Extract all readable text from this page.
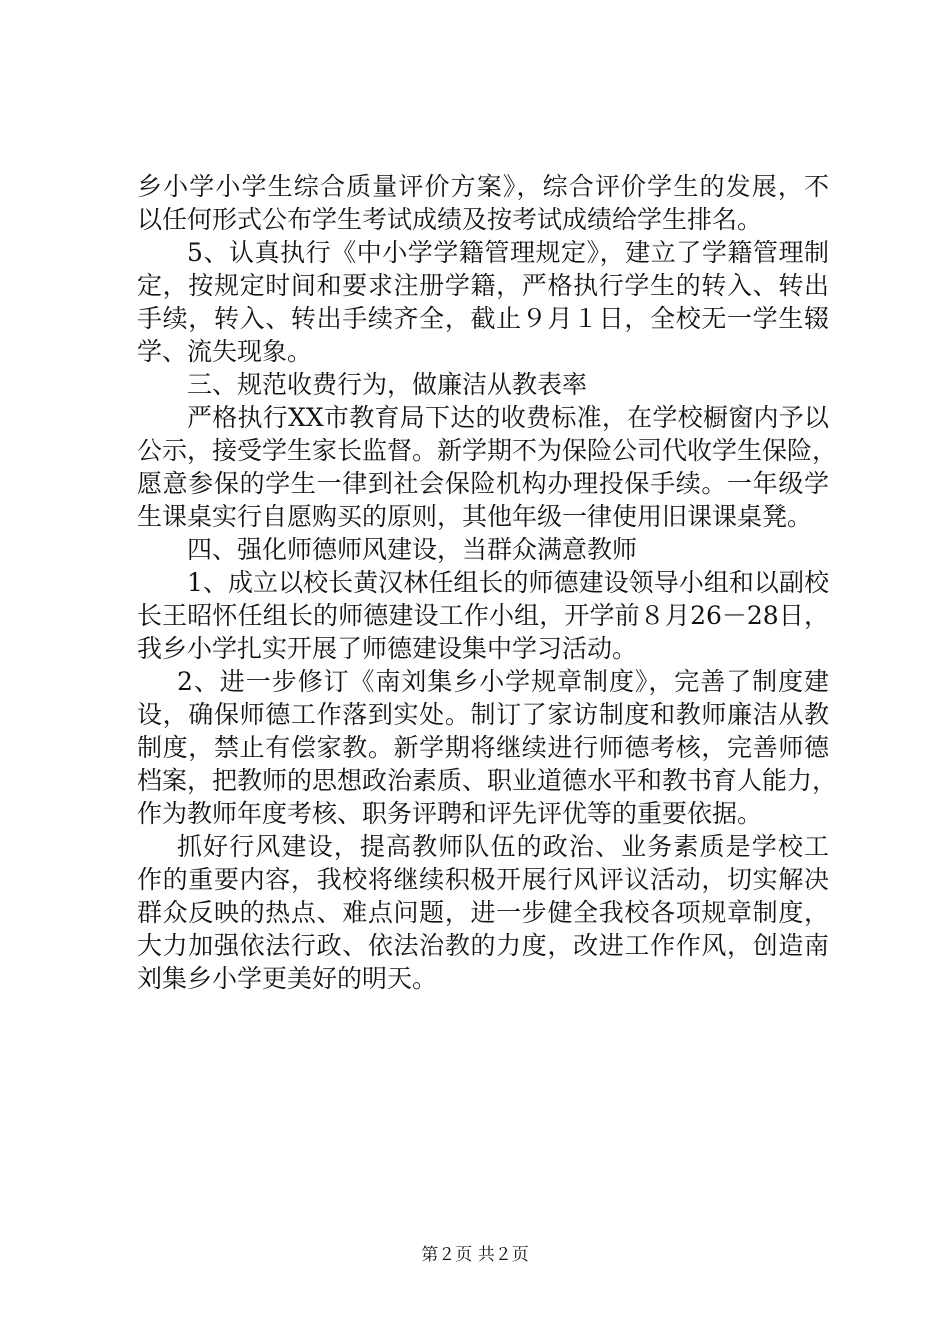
乡小学小学生综合质量评价方案》，综合评价学生的发展，不
以任何形式公布学生考试成绩及按考试成绩给学生排名。
5、认真执行《中小学学籍管理规定》，建立了学籍管理制
定，按规定时间和要求注册学籍，严格执行学生的转入、转出
手续，转入、转出手续齐全，截止９月１日，全校无一学生辍
学、流失现象。
三、规范收费行为，做廉洁从教表率
严格执行XX市教育局下达的收费标准，在学校橱窗内予以
公示，接受学生家长监督。新学期不为保险公司代收学生保险，
愿意参保的学生一律到社会保险机构办理投保手续。一年级学
生课桌实行自愿购买的原则，其他年级一律使用旧课课桌凳。
四、强化师德师风建设，当群众满意教师
1、成立以校长黄汉林任组长的师德建设领导小组和以副校
长王昭怀任组长的师德建设工作小组，开学前８月26－28日，
我乡小学扎实开展了师德建设集中学习活动。
2、进一步修订《南刘集乡小学规章制度》，完善了制度建
设，确保师德工作落到实处。制订了家访制度和教师廉洁从教
制度，禁止有偿家教。新学期将继续进行师德考核，完善师德
档案，把教师的思想政治素质、职业道德水平和教书育人能力，
作为教师年度考核、职务评聘和评先评优等的重要依据。
抓好行风建设，提高教师队伍的政治、业务素质是学校工
作的重要内容，我校将继续积极开展行风评议活动，切实解决
群众反映的热点、难点问题，进一步健全我校各项规章制度，
大力加强依法行政、依法治教的力度，改进工作作风，创造南
刘集乡小学更美好的明天。
第２页 共２页
